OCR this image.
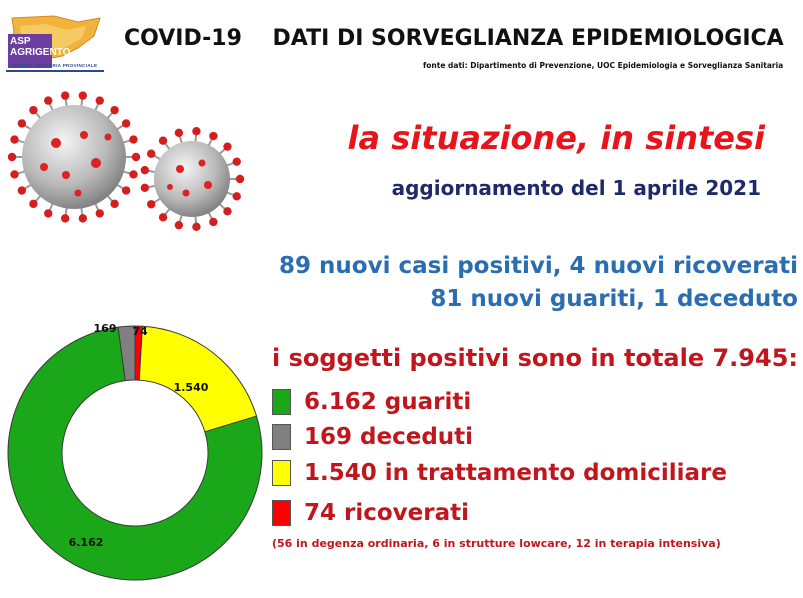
ASP
AGRIGENTO
AZIENDA SANITARIA PROVINCIALE
COVID-19    DATI DI SORVEGLIANZA EPIDEMIOLOGICA
fonte dati: Dipartimento di Prevenzione, UOC Epidemiologia e Sorveglianza Sanitaria
la situazione, in sintesi
aggiornamento del 1 aprile 2021
89 nuovi casi positivi, 4 nuovi ricoverati
81 nuovi guariti, 1 deceduto
i soggetti positivi sono in totale 7.945:
6.162 guariti
169 deceduti
1.540 in trattamento domiciliare
74 ricoverati
(56 in degenza ordinaria, 6 in strutture lowcare, 12 in terapia intensiva)
74
1.540
6.162
169
